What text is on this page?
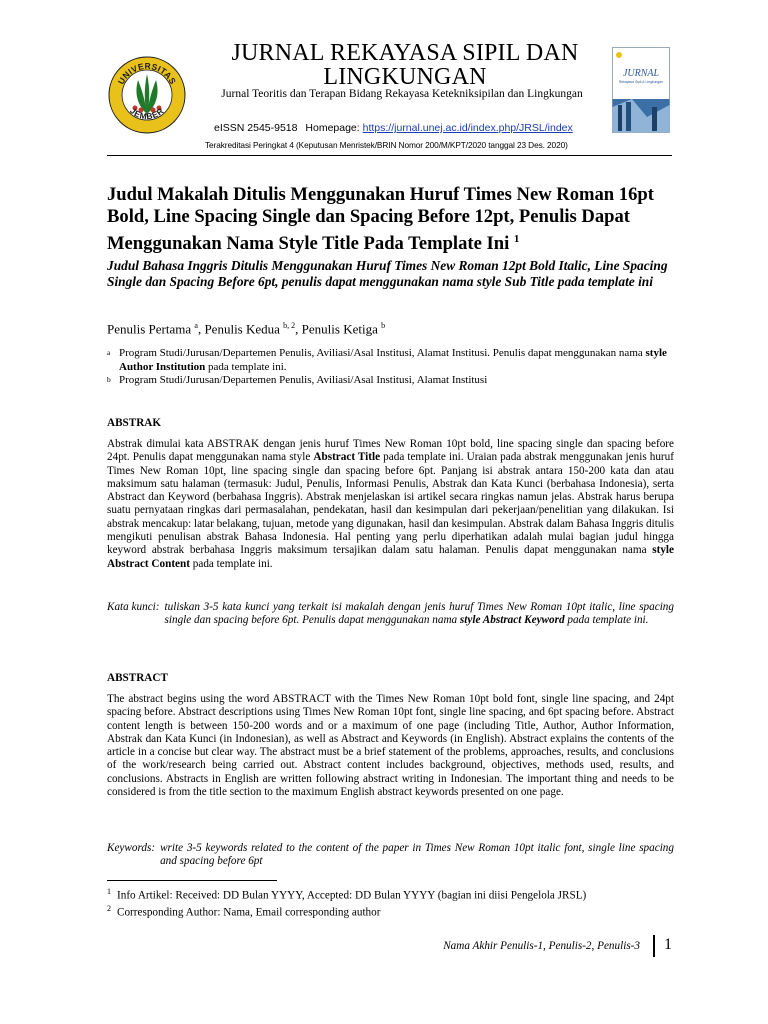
UNIVERSITAS
JEMBER
JURNAL REKAYASA SIPIL DAN LINGKUNGAN
Jurnal Teoritis dan Terapan Bidang Rekayasa Ketekniksipilan dan Lingkungan
eISSN 2545-9518 Homepage: https://jurnal.unej.ac.id/index.php/JRSL/index
Terakreditasi Peringkat 4 (Keputusan Menristek/BRIN Nomor 200/M/KPT/2020 tanggal 23 Des. 2020)
JURNAL
Rekayasa Sipil & Lingkungan
Judul Makalah Ditulis Menggunakan Huruf Times New Roman 16pt Bold, Line Spacing Single dan Spacing Before 12pt, Penulis Dapat Menggunakan Nama Style Title Pada Template Ini $^1$
Judul Bahasa Inggris Ditulis Menggunakan Huruf Times New Roman 12pt Bold Italic, Line Spacing Single dan Spacing Before 6pt, penulis dapat menggunakan nama style Sub Title pada template ini
Penulis Pertama $^a$, Penulis Kedua $^{b, 2}$, Penulis Ketiga $^b$
a Program Studi/Jurusan/Departemen Penulis, Aviliasi/Asal Institusi, Alamat Institusi. Penulis dapat menggunakan nama style Author Institution pada template ini.
b Program Studi/Jurusan/Departemen Penulis, Aviliasi/Asal Institusi, Alamat Institusi
ABSTRAK
Abstrak dimulai kata ABSTRAK dengan jenis huruf Times New Roman 10pt bold, line spacing single dan spacing before 24pt. Penulis dapat menggunakan nama style Abstract Title pada template ini. Uraian pada abstrak menggunakan jenis huruf Times New Roman 10pt, line spacing single dan spacing before 6pt. Panjang isi abstrak antara 150-200 kata dan atau maksimum satu halaman (termasuk: Judul, Penulis, Informasi Penulis, Abstrak dan Kata Kunci (berbahasa Indonesia), serta Abstract dan Keyword (berbahasa Inggris). Abstrak menjelaskan isi artikel secara ringkas namun jelas. Abstrak harus berupa suatu pernyataan ringkas dari permasalahan, pendekatan, hasil dan kesimpulan dari pekerjaan/penelitian yang dilakukan. Isi abstrak mencakup: latar belakang, tujuan, metode yang digunakan, hasil dan kesimpulan. Abstrak dalam Bahasa Inggris ditulis mengikuti penulisan abstrak Bahasa Indonesia. Hal penting yang perlu diperhatikan adalah mulai bagian judul hingga keyword abstrak berbahasa Inggris maksimum tersajikan dalam satu halaman. Penulis dapat menggunakan nama style Abstract Content pada template ini.
Kata kunci: tuliskan 3-5 kata kunci yang terkait isi makalah dengan jenis huruf Times New Roman 10pt italic, line spacing single dan spacing before 6pt. Penulis dapat menggunakan nama style Abstract Keyword pada template ini.
ABSTRACT
The abstract begins using the word ABSTRACT with the Times New Roman 10pt bold font, single line spacing, and 24pt spacing before. Abstract descriptions using Times New Roman 10pt font, single line spacing, and 6pt spacing before. Abstract content length is between 150-200 words and or a maximum of one page (including Title, Author, Author Information, Abstrak dan Kata Kunci (in Indonesian), as well as Abstract and Keywords (in English). Abstract explains the contents of the article in a concise but clear way. The abstract must be a brief statement of the problems, approaches, results, and conclusions of the work/research being carried out. Abstract content includes background, objectives, methods used, results, and conclusions. Abstracts in English are written following abstract writing in Indonesian. The important thing and needs to be considered is from the title section to the maximum English abstract keywords presented on one page.
Keywords: write 3-5 keywords related to the content of the paper in Times New Roman 10pt italic font, single line spacing and spacing before 6pt
$^1$ Info Artikel: Received: DD Bulan YYYY, Accepted: DD Bulan YYYY (bagian ini diisi Pengelola JRSL)
$^2$ Corresponding Author: Nama, Email corresponding author
Nama Akhir Penulis-1, Penulis-2, Penulis-3 1
